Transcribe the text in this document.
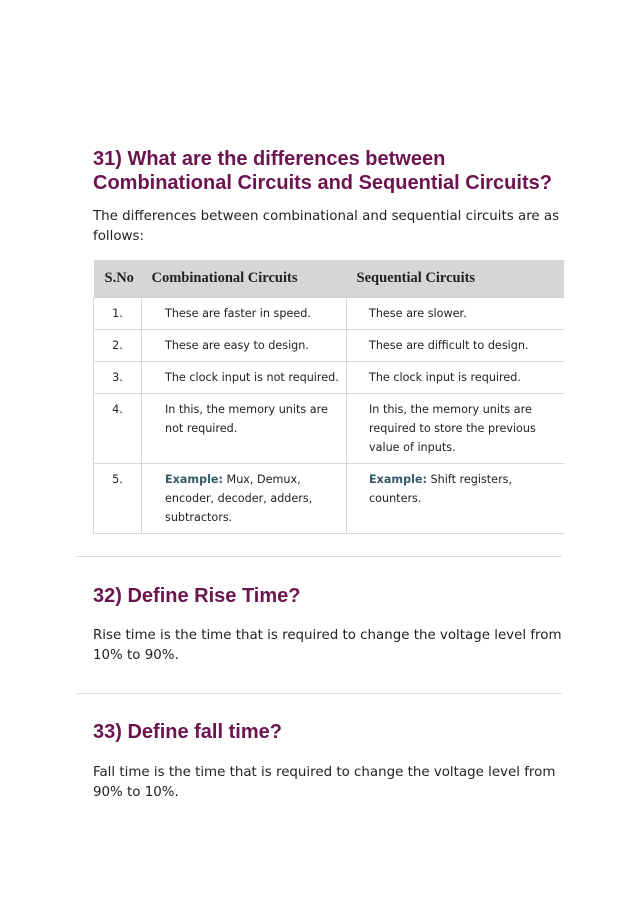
31) What are the differences between Combinational Circuits and Sequential Circuits?

The differences between combinational and sequential circuits are as follows:

S.No	Combinational Circuits	Sequential Circuits
1.	These are faster in speed.	These are slower.
2.	These are easy to design.	These are difficult to design.
3.	The clock input is not required.	The clock input is required.
4.	In this, the memory units are not required.	In this, the memory units are required to store the previous value of inputs.
5.	Example: Mux, Demux, encoder, decoder, adders, subtractors.	Example: Shift registers, counters.
32) Define Rise Time?

Rise time is the time that is required to change the voltage level from 10% to 90%.

33) Define fall time?

Fall time is the time that is required to change the voltage level from 90% to 10%.
